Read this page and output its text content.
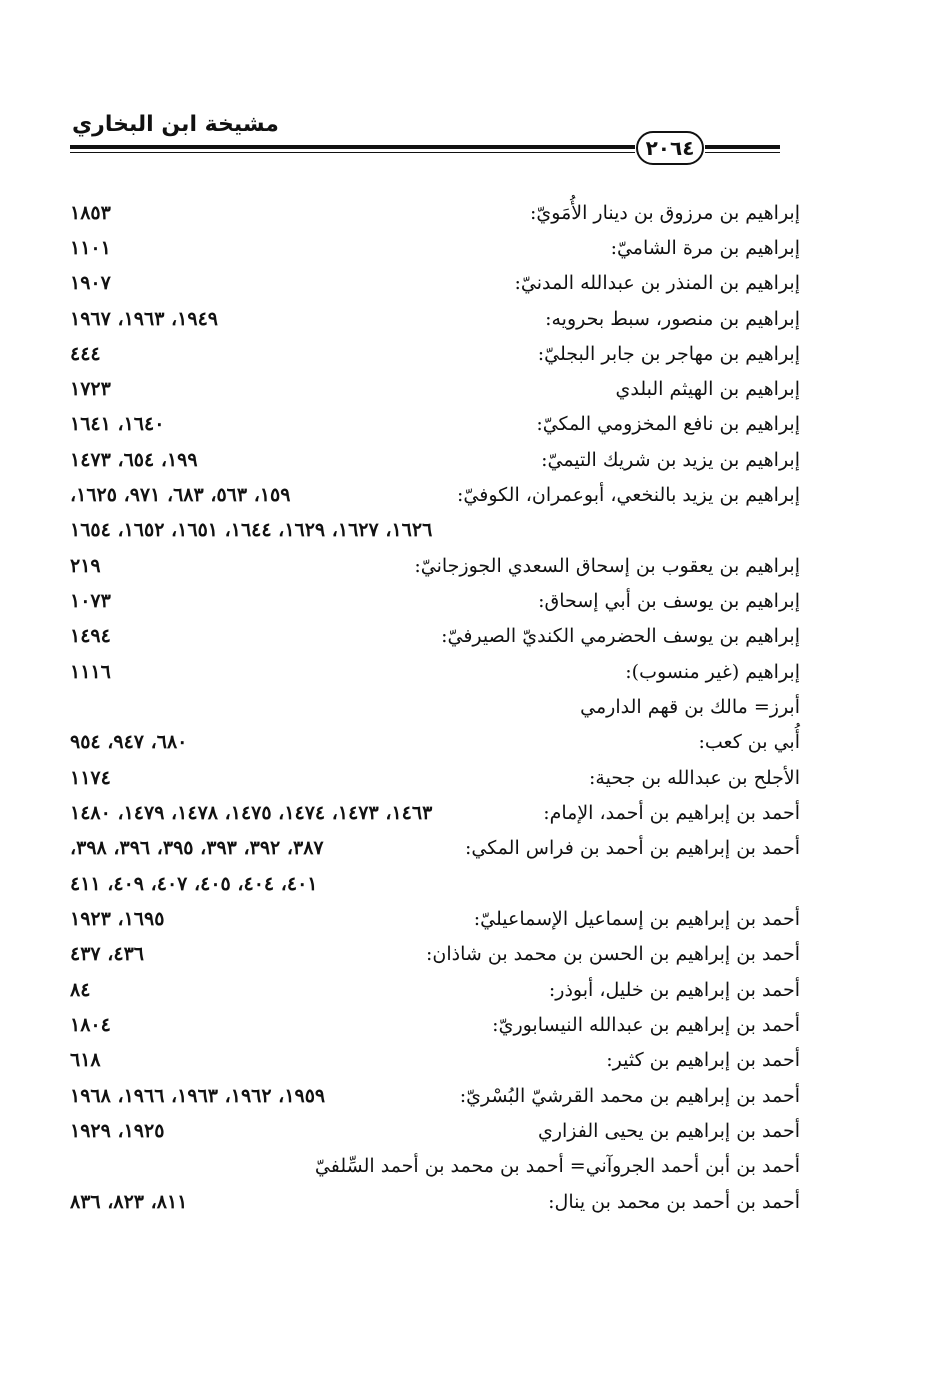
مشيخة ابن البخاري
٢٠٦٤
إبراهيم بن مرزوق بن دينار الأُمَويّ:
١٨٥٣
إبراهيم بن مرة الشاميّ:
١١٠١
إبراهيم بن المنذر بن عبدالله المدنيّ:
١٩٠٧
إبراهيم بن منصور، سبط بحرويه:
١٩٤٩، ١٩٦٣، ١٩٦٧
إبراهيم بن مهاجر بن جابر البجليّ:
٤٤٤
إبراهيم بن الهيثم البلدي
١٧٢٣
إبراهيم بن نافع المخزومي المكيّ:
١٦٤٠، ١٦٤١
إبراهيم بن يزيد بن شريك التيميّ:
١٩٩، ٦٥٤، ١٤٧٣
إبراهيم بن يزيد بالنخعي، أبوعمران، الكوفيّ:
١٥٩، ٥٦٣، ٦٨٣، ٩٧١، ١٦٢٥،
١٦٢٦، ١٦٢٧، ١٦٢٩، ١٦٤٤، ١٦٥١، ١٦٥٢، ١٦٥٤
إبراهيم بن يعقوب بن إسحاق السعدي الجوزجانيّ:
٢١٩
إبراهيم بن يوسف بن أبي إسحاق:
١٠٧٣
إبراهيم بن يوسف الحضرمي الكنديّ الصيرفيّ:
١٤٩٤
إبراهيم (غير منسوب):
١١١٦
أبرز= مالك بن قهم الدارمي
أُبي بن كعب:
٦٨٠، ٩٤٧، ٩٥٤
الأجلح بن عبدالله بن جحية:
١١٧٤
أحمد بن إبراهيم بن أحمد، الإمام:
١٤٦٣، ١٤٧٣، ١٤٧٤، ١٤٧٥، ١٤٧٨، ١٤٧٩، ١٤٨٠
أحمد بن إبراهيم بن أحمد بن فراس المكي:
٣٨٧، ٣٩٢، ٣٩٣، ٣٩٥، ٣٩٦، ٣٩٨،
٤٠١، ٤٠٤، ٤٠٥، ٤٠٧، ٤٠٩، ٤١١
أحمد بن إبراهيم بن إسماعيل الإسماعيليّ:
١٦٩٥، ١٩٢٣
أحمد بن إبراهيم بن الحسن بن محمد بن شاذان:
٤٣٦، ٤٣٧
أحمد بن إبراهيم بن خليل، أبوذر:
٨٤
أحمد بن إبراهيم بن عبدالله النيسابوريّ:
١٨٠٤
أحمد بن إبراهيم بن كثير:
٦١٨
أحمد بن إبراهيم بن محمد القرشيّ البُسْريّ:
١٩٥٩، ١٩٦٢، ١٩٦٣، ١٩٦٦، ١٩٦٨
أحمد بن إبراهيم بن يحيى الفزاري
١٩٢٥، ١٩٢٩
أحمد بن أبن أحمد الجروآني= أحمد بن محمد بن أحمد السِّلفيّ
أحمد بن أحمد بن محمد بن ينال:
٨١١، ٨٢٣، ٨٣٦
